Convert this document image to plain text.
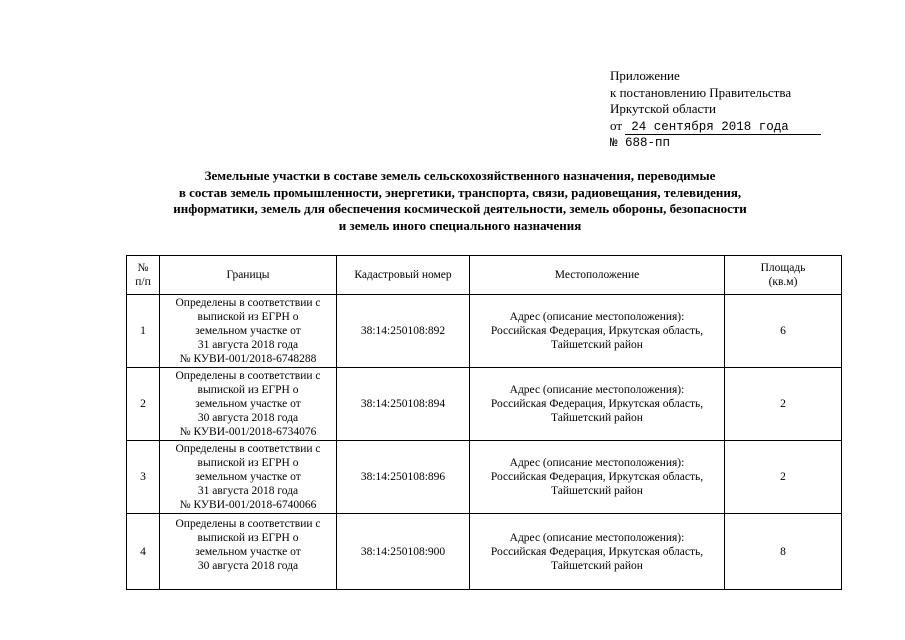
Приложение
к постановлению Правительства
Иркутской области
от 24 сентября 2018 года
№ 688-пп
Земельные участки в составе земель сельскохозяйственного назначения, переводимые
в состав земель промышленности, энергетики, транспорта, связи, радиовещания, телевидения,
информатики, земель для обеспечения космической деятельности, земель обороны, безопасности
и земель иного специального назначения
№
п/п	Границы	Кадастровый номер	Местоположение	Площадь
(кв.м)

1	Определены в соответствии с
выпиской из ЕГРН о
земельном участке от
31 августа 2018 года
№ КУВИ-001/2018-6748288	38:14:250108:892	Адрес (описание местоположения):
Российская Федерация, Иркутская область,
Тайшетский район	6
2	Определены в соответствии с
выпиской из ЕГРН о
земельном участке от
30 августа 2018 года
№ КУВИ-001/2018-6734076	38:14:250108:894	Адрес (описание местоположения):
Российская Федерация, Иркутская область,
Тайшетский район	2
3	Определены в соответствии с
выпиской из ЕГРН о
земельном участке от
31 августа 2018 года
№ КУВИ-001/2018-6740066	38:14:250108:896	Адрес (описание местоположения):
Российская Федерация, Иркутская область,
Тайшетский район	2
4	Определены в соответствии с
выпиской из ЕГРН о
земельном участке от
30 августа 2018 года	38:14:250108:900	Адрес (описание местоположения):
Российская Федерация, Иркутская область,
Тайшетский район	8
